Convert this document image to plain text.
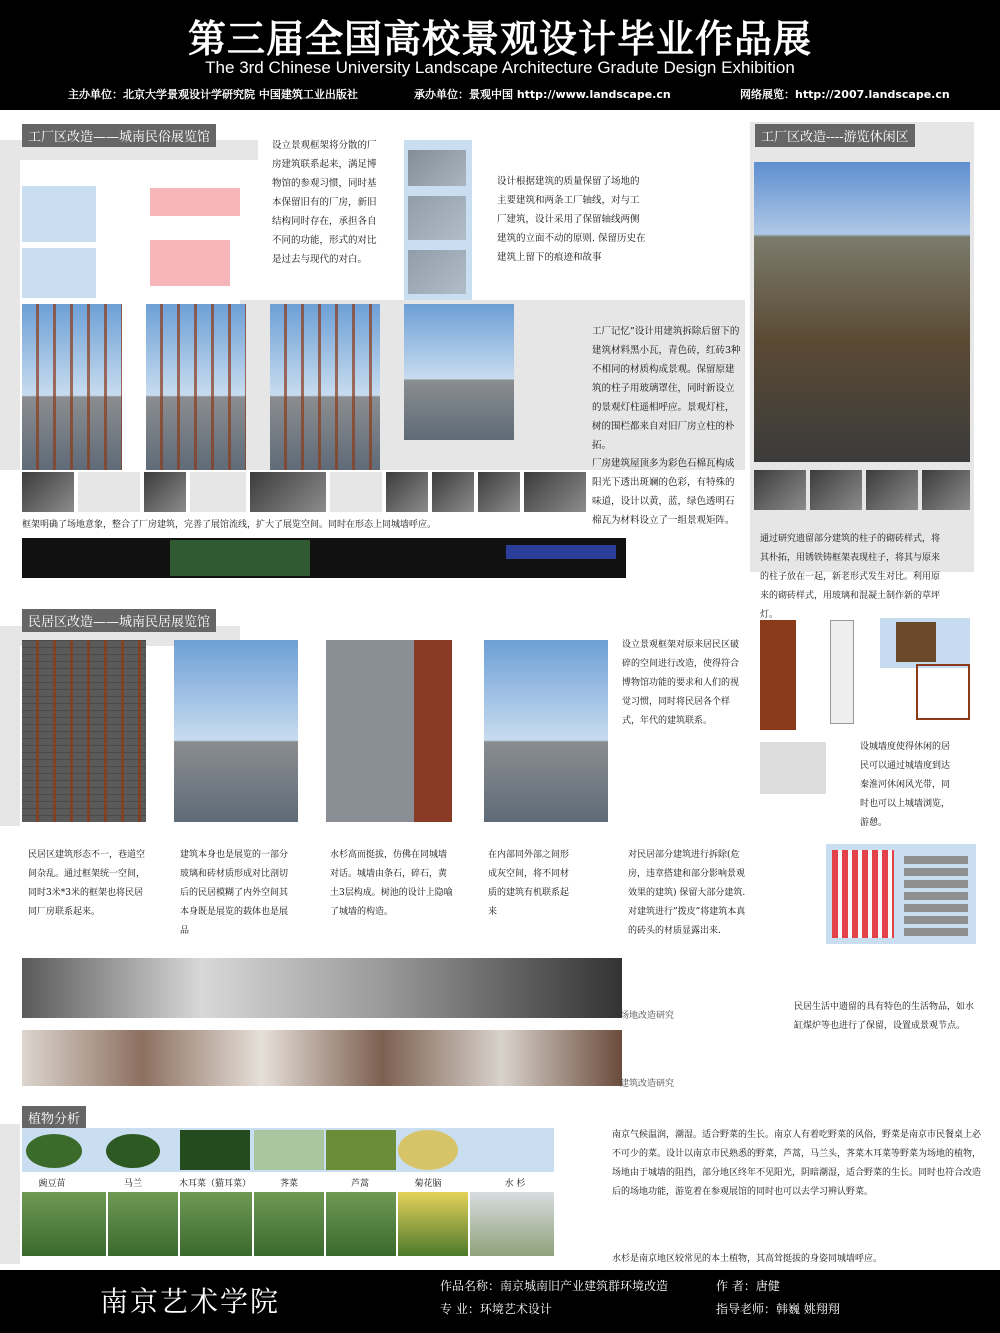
第三届全国高校景观设计毕业作品展
The 3rd Chinese University Landscape Architecture Gradute Design Exhibition
主办单位：北京大学景观设计学研究院 中国建筑工业出版社	承办单位：景观中国 http://www.landscape.cn	网络展览：http://2007.landscape.cn
工厂区改造——城南民俗展览馆
设立景观框架将分散的厂房建筑联系起来，满足博物馆的参观习惯，同时基本保留旧有的厂房，新旧结构同时存在，承担各自不同的功能，形式的对比是过去与现代的对白。
设计根据建筑的质量保留了场地的主要建筑和两条工厂轴线，对与工厂建筑，设计采用了保留轴线两侧建筑的立面不动的原则. 保留历史在建筑上留下的痕迹和故事
工厂记忆”设计用建筑拆除后留下的建筑材料黑小瓦，青色砖，红砖3种不相同的材质构成景观。保留原建筑的柱子用玻璃罩住，同时新设立的景观灯柱遥相呼应。景观灯柱，树的围栏都来自对旧厂房立柱的朴拓。
厂房建筑屋顶多为彩色石棉瓦构成阳光下透出斑斓的色彩，有特殊的味道，设计以黄，蓝，绿色透明石棉瓦为材料设立了一组景观矩阵。
框架明确了场地意象，整合了厂房建筑，完善了展馆流线，扩大了展览空间。同时在形态上同城墙呼应。
工厂区改造----游览休闲区
通过研究遗留部分建筑的柱子的砌砖样式，将其朴拓，用锈铁铸框架表现柱子，将其与原来的柱子放在一起，新老形式发生对比。利用原来的砌砖样式，用玻璃和混凝土制作新的草坪灯。
设城墙度使得休闲的居民可以通过城墙度到达秦淮河休闲风光带，同时也可以上城墙浏览，游憩。
民居区改造——城南民居展览馆
设立景观框架对原来居民区破碎的空间进行改造，使得符合博物馆功能的要求和人们的视觉习惯，同时将民居各个样式，年代的建筑联系。
民居区建筑形态不一，巷道空间杂乱。通过框架统一空间，同时3米*3米的框架也将民居同厂房联系起来。
建筑本身也是展览的一部分玻璃和砖材质形成对比剖切后的民居模糊了内外空间其本身既是展览的载体也是展品
水杉高而挺拔，仿佛在同城墙对话。城墙由条石，碎石，黄土3层构成。树池的设计上隐喻了城墙的构造。
在内部同外部之间形成灰空间，将不同材质的建筑有机联系起来
对民居部分建筑进行拆除(危房，违章搭建和部分影响景观效果的建筑) 保留大部分建筑. 对建筑进行”拨皮”将建筑本真的砖头的材质显露出来.
场地改造研究
建筑改造研究
民居生活中遗留的具有特色的生活物品，如水缸煤炉等也进行了保留，设置成景观节点。
植物分析
豌豆苗	马兰	木耳菜（猫耳菜）	荠菜	芦蒿	菊花脑	水 杉
南京气候温润，潮湿。适合野菜的生长。南京人有着吃野菜的风俗，野菜是南京市民餐桌上必不可少的菜。设计以南京市民熟悉的野菜，芦蒿，马兰头，荠菜木耳菜等野菜为场地的植物，场地由于城墙的阻挡，部分地区终年不见阳光，阴暗潮湿，适合野菜的生长。同时也符合改造后的场地功能，游览着在参观展馆的同时也可以去学习辨认野菜。
水杉是南京地区较常见的本土植物，其高耸挺拔的身姿同城墙呼应。
南京艺术学院	作品名称：南京城南旧产业建筑群环境改造	作 者：唐健
专 业：环境艺术设计	指导老师：韩巍 姚翔翔
